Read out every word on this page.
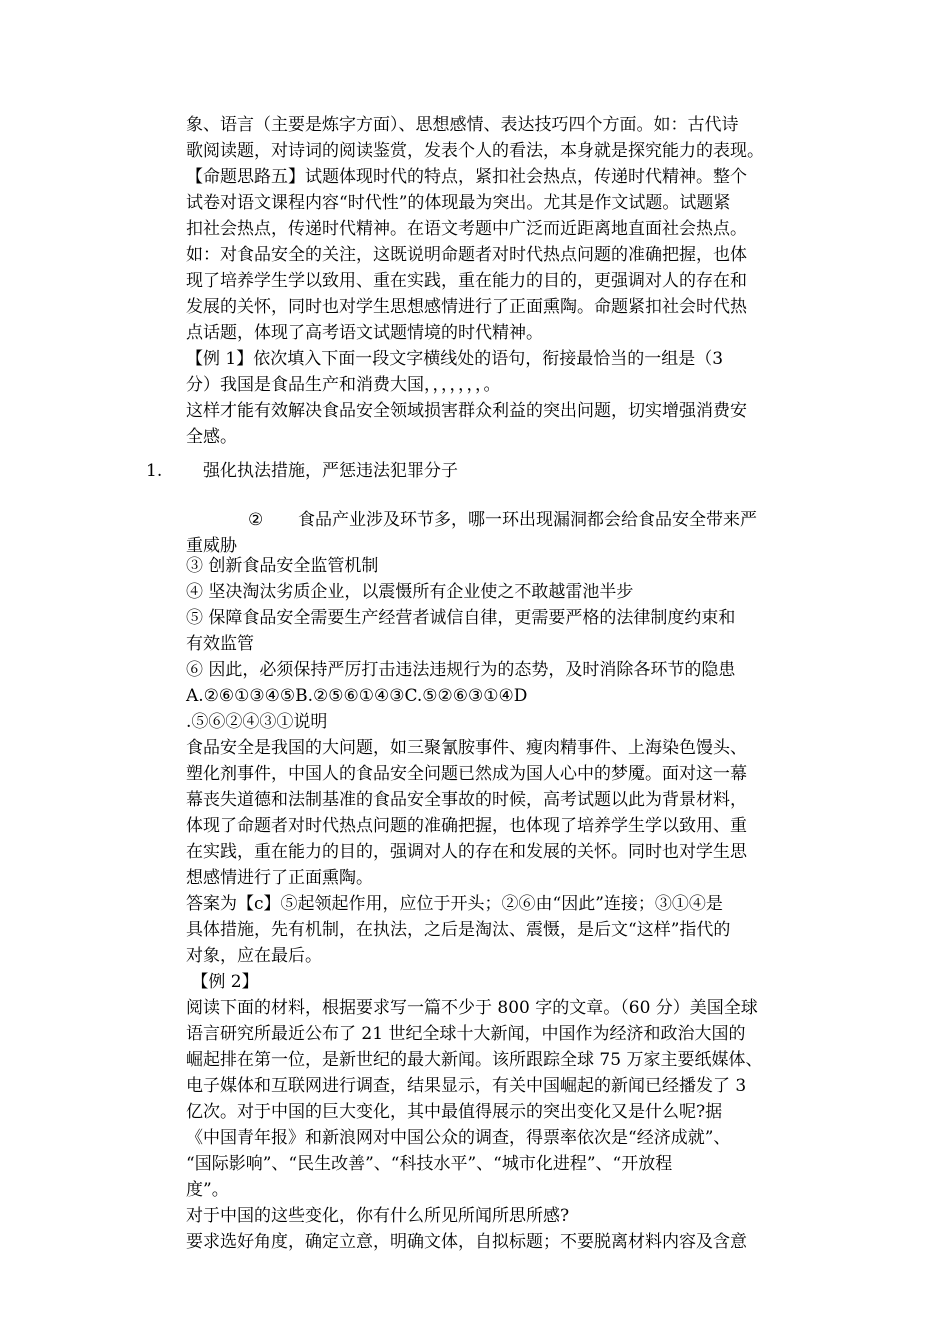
象、语言（主要是炼字方面）、思想感情、表达技巧四个方面。如：古代诗
歌阅读题，对诗词的阅读鉴赏，发表个人的看法，本身就是探究能力的表现。
【命题思路五】试题体现时代的特点，紧扣社会热点，传递时代精神。整个
试卷对语文课程内容“时代性”的体现最为突出。尤其是作文试题。试题紧
扣社会热点，传递时代精神。在语文考题中广泛而近距离地直面社会热点。
如：对食品安全的关注，这既说明命题者对时代热点问题的准确把握，也体
现了培养学生学以致用、重在实践，重在能力的目的，更强调对人的存在和
发展的关怀，同时也对学生思想感情进行了正面熏陶。命题紧扣社会时代热
点话题，体现了高考语文试题情境的时代精神。
【例 1】依次填入下面一段文字横线处的语句，衔接最恰当的一组是（3
分）我国是食品生产和消费大国，，，，，，，。
这样才能有效解决食品安全领域损害群众利益的突出问题，切实增强消费安
全感。
1. 强化执法措施，严惩违法犯罪分子
② 食品产业涉及环节多，哪一环出现漏洞都会给食品安全带来严
重威胁
③ 创新食品安全监管机制
④ 坚决淘汰劣质企业，以震慑所有企业使之不敢越雷池半步
⑤ 保障食品安全需要生产经营者诚信自律，更需要严格的法律制度约束和
有效监管
⑥ 因此，必须保持严厉打击违法违规行为的态势，及时消除各环节的隐患
A.②⑥①③④⑤B.②⑤⑥①④③C.⑤②⑥③①④D
.⑤⑥②④③①说明
食品安全是我国的大问题，如三聚氰胺事件、瘦肉精事件、上海染色馒头、
塑化剂事件，中国人的食品安全问题已然成为国人心中的梦魇。面对这一幕
幕丧失道德和法制基准的食品安全事故的时候，高考试题以此为背景材料，
体现了命题者对时代热点问题的准确把握，也体现了培养学生学以致用、重
在实践，重在能力的目的，强调对人的存在和发展的关怀。同时也对学生思
想感情进行了正面熏陶。
答案为【c】⑤起领起作用，应位于开头；②⑥由“因此”连接；③①④是
具体措施，先有机制，在执法，之后是淘汰、震慑，是后文“这样”指代的
对象，应在最后。
【例 2】
阅读下面的材料，根据要求写一篇不少于 800 字的文章。（60 分）美国全球
语言研究所最近公布了 21 世纪全球十大新闻，中国作为经济和政治大国的
崛起排在第一位，是新世纪的最大新闻。该所跟踪全球 75 万家主要纸媒体、
电子媒体和互联网进行调查，结果显示，有关中国崛起的新闻已经播发了 3
亿次。对于中国的巨大变化，其中最值得展示的突出变化又是什么呢?据
《中国青年报》和新浪网对中国公众的调查，得票率依次是“经济成就”、
“国际影响”、“民生改善”、“科技水平”、“城市化进程”、“开放程
度”。
对于中国的这些变化，你有什么所见所闻所思所感?
要求选好角度，确定立意，明确文体，自拟标题；不要脱离材料内容及含意
